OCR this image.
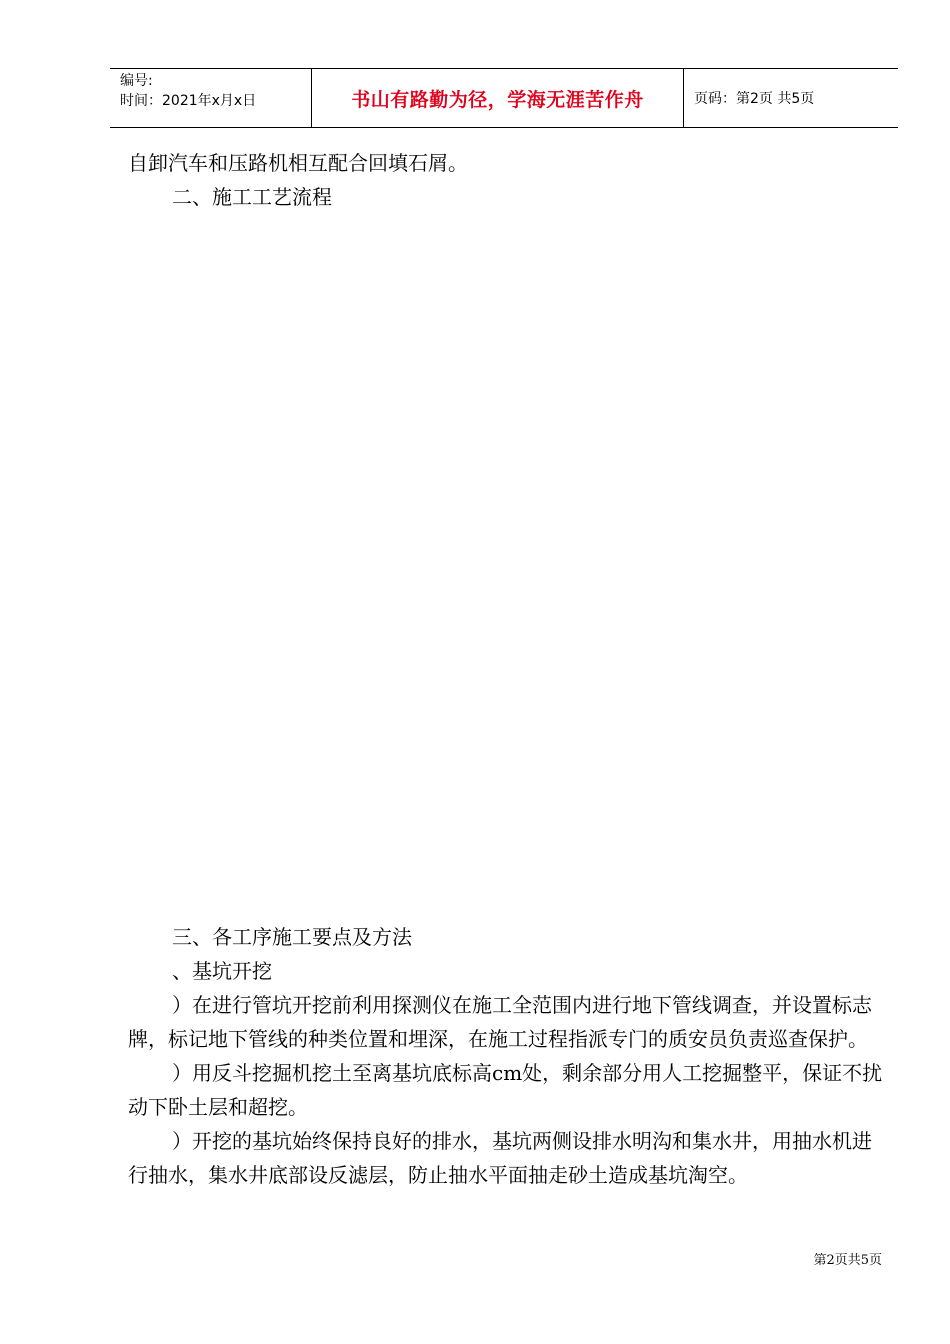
编号:
时间：2021年x月x日	书山有路勤为径，学海无涯苦作舟	页码：第2页 共5页

自卸汽车和压路机相互配合回填石屑。

二、施工工艺流程

三、各工序施工要点及方法

、基坑开挖

）在进行管坑开挖前利用探测仪在施工全范围内进行地下管线调查，并设置标志牌，标记地下管线的种类位置和埋深，在施工过程指派专门的质安员负责巡查保护。

）用反斗挖掘机挖土至离基坑底标高cm处，剩余部分用人工挖掘整平，保证不扰动下卧土层和超挖。

）开挖的基坑始终保持良好的排水，基坑两侧设排水明沟和集水井，用抽水机进行抽水，集水井底部设反滤层，防止抽水平面抽走砂土造成基坑淘空。

第2页共5页
